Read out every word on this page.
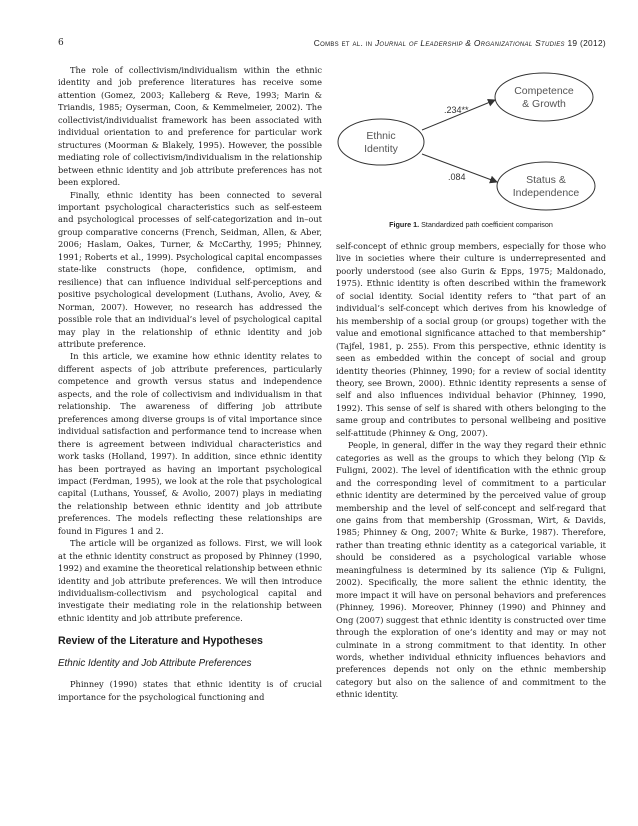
6	Combs et al. in Journal of Leadership & Organizational Studies 19 (2012)

The role of collectivism/individualism within the ethnic identity and job preference literatures has receive some attention (Gomez, 2003; Kalleberg & Reve, 1993; Marin & Triandis, 1985; Oyserman, Coon, & Kemmelmeier, 2002). The collectivist/individualist framework has been associated with individual orientation to and preference for particular work structures (Moorman & Blakely, 1995). However, the possible mediating role of collectivism/individualism in the relationship between ethnic identity and job attribute preferences has not been explored.

Finally, ethnic identity has been connected to several important psychological characteristics such as self-esteem and psychological processes of self-categorization and in–out group comparative concerns (French, Seidman, Allen, & Aber, 2006; Haslam, Oakes, Turner, & McCarthy, 1995; Phinney, 1991; Roberts et al., 1999). Psychological capital encompasses state-like constructs (hope, confidence, optimism, and resilience) that can influence individual self-perceptions and positive psychological development (Luthans, Avolio, Avey, & Norman, 2007). However, no research has addressed the possible role that an individual’s level of psychological capital may play in the relationship of ethnic identity and job attribute preference.

In this article, we examine how ethnic identity relates to different aspects of job attribute preferences, particularly competence and growth versus status and independence aspects, and the role of collectivism and individualism in that relationship. The awareness of differing job attribute preferences among diverse groups is of vital importance since individual satisfaction and performance tend to increase when there is agreement between individual characteristics and work tasks (Holland, 1997). In addition, since ethnic identity has been portrayed as having an important psychological impact (Ferdman, 1995), we look at the role that psychological capital (Luthans, Youssef, & Avolio, 2007) plays in mediating the relationship between ethnic identity and job attribute preferences. The models reflecting these relationships are found in Figures 1 and 2.

The article will be organized as follows. First, we will look at the ethnic identity construct as proposed by Phinney (1990, 1992) and examine the theoretical relationship between ethnic identity and job attribute preferences. We will then introduce individualism-collectivism and psychological capital and investigate their mediating role in the relationship between ethnic identity and job attribute preference.

Review of the Literature and Hypotheses
Ethnic Identity and Job Attribute Preferences

Phinney (1990) states that ethnic identity is of crucial importance for the psychological functioning and

Ethnic
Identity
Competence
& Growth
Status &
Independence
.234**
.084
Figure 1. Standardized path coefficient comparison

self-concept of ethnic group members, especially for those who live in societies where their culture is underrepresented and poorly understood (see also Gurin & Epps, 1975; Maldonado, 1975). Ethnic identity is often described within the framework of social identity. Social identity refers to “that part of an individual’s self-concept which derives from his knowledge of his membership of a social group (or groups) together with the value and emotional significance attached to that membership” (Tajfel, 1981, p. 255). From this perspective, ethnic identity is seen as embedded within the concept of social and group identity theories (Phinney, 1990; for a review of social identity theory, see Brown, 2000). Ethnic identity represents a sense of self and also influences individual behavior (Phinney, 1990, 1992). This sense of self is shared with others belonging to the same group and contributes to personal wellbeing and positive self-attitude (Phinney & Ong, 2007).

People, in general, differ in the way they regard their ethnic categories as well as the groups to which they belong (Yip & Fuligni, 2002). The level of identification with the ethnic group and the corresponding level of commitment to a particular ethnic identity are determined by the perceived value of group membership and the level of self-concept and self-regard that one gains from that membership (Grossman, Wirt, & Davids, 1985; Phinney & Ong, 2007; White & Burke, 1987). Therefore, rather than treating ethnic identity as a categorical variable, it should be considered as a psychological variable whose meaningfulness is determined by its salience (Yip & Fuligni, 2002). Specifically, the more salient the ethnic identity, the more impact it will have on personal behaviors and preferences (Phinney, 1996). Moreover, Phinney (1990) and Phinney and Ong (2007) suggest that ethnic identity is constructed over time through the exploration of one’s identity and may or may not culminate in a strong commitment to that identity. In other words, whether individual ethnicity influences behaviors and preferences depends not only on the ethnic membership category but also on the salience of and commitment to the ethnic identity.
